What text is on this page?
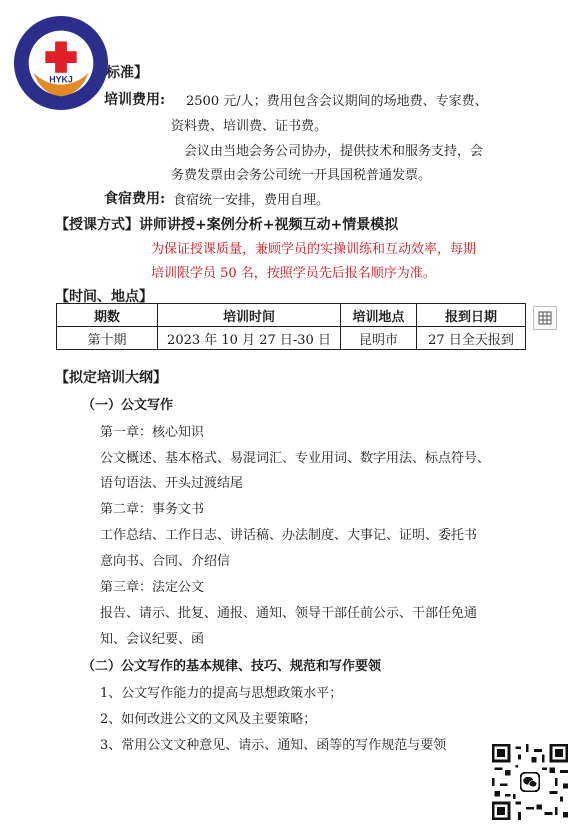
HYKJ 标准】
培训费用: 2500 元/人；费用包含会议期间的场地费、专家费、
资料费、培训费、证书费。
会议由当地会务公司协办，提供技术和服务支持，会
务费发票由会务公司统一开具国税普通发票。
食宿费用: 食宿统一安排，费用自理。
【授课方式】讲师讲授+案例分析+视频互动+情景模拟
为保证授课质量，兼顾学员的实操训练和互动效率，每期
培训限学员 50 名，按照学员先后报名顺序为准。
【时间、地点】
期数	培训时间	培训地点	报到日期
第十期	2023 年 10 月 27 日-30 日	昆明市	27 日全天报到
【拟定培训大纲】
（一）公文写作
第一章：核心知识
公文概述、基本格式、易混词汇、专业用词、数字用法、标点符号、
语句语法、开头过渡结尾
第二章：事务文书
工作总结、工作日志、讲话稿、办法制度、大事记、证明、委托书
意向书、合同、介绍信
第三章：法定公文
报告、请示、批复、通报、通知、领导干部任前公示、干部任免通
知、会议纪要、函
（二）公文写作的基本规律、技巧、规范和写作要领
1、公文写作能力的提高与思想政策水平；
2、如何改进公文的文风及主要策略；
3、常用公文文种意见、请示、通知、函等的写作规范与要领
